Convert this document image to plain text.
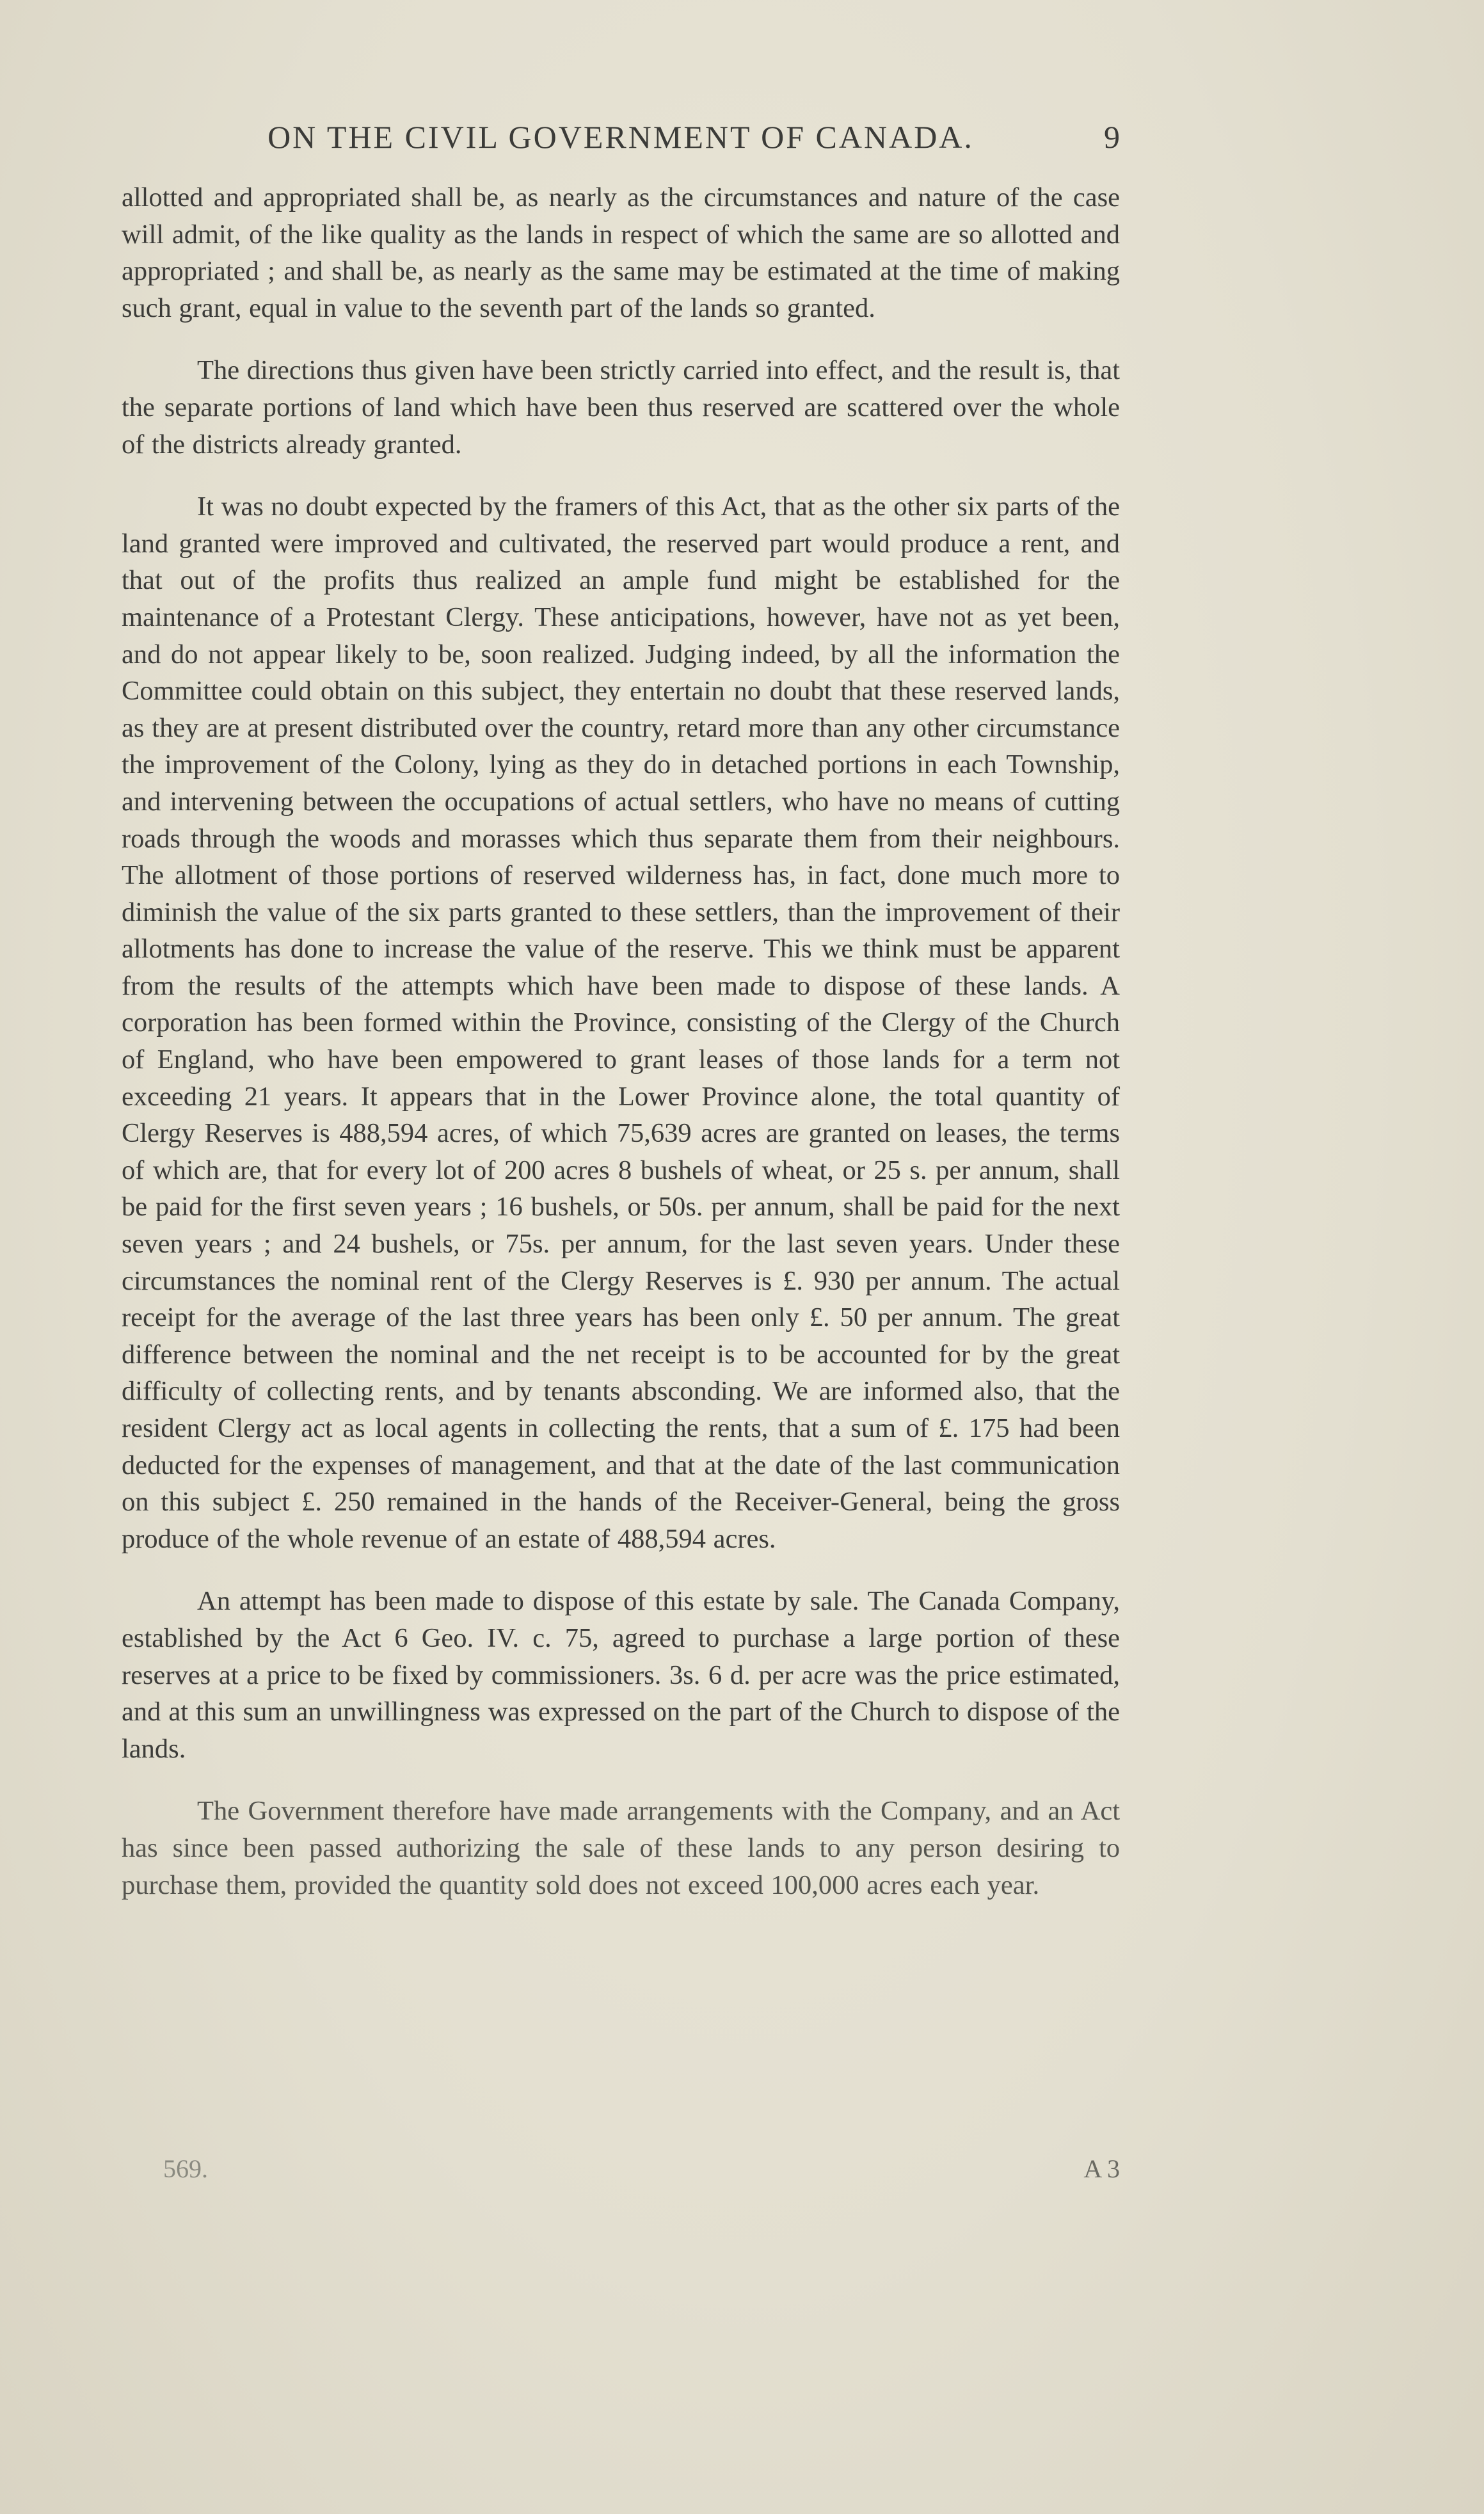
ON THE CIVIL GOVERNMENT OF CANADA.	9

allotted and appropriated shall be, as nearly as the circumstances and nature of the case will admit, of the like quality as the lands in respect of which the same are so allotted and appropriated ; and shall be, as nearly as the same may be estimated at the time of making such grant, equal in value to the seventh part of the lands so granted.

The directions thus given have been strictly carried into effect, and the result is, that the separate portions of land which have been thus reserved are scattered over the whole of the districts already granted.

It was no doubt expected by the framers of this Act, that as the other six parts of the land granted were improved and cultivated, the reserved part would produce a rent, and that out of the profits thus realized an ample fund might be established for the maintenance of a Protestant Clergy. These anticipations, however, have not as yet been, and do not appear likely to be, soon realized. Judging indeed, by all the information the Committee could obtain on this subject, they entertain no doubt that these reserved lands, as they are at present distributed over the country, retard more than any other circumstance the improvement of the Colony, lying as they do in detached portions in each Township, and intervening between the occupations of actual settlers, who have no means of cutting roads through the woods and morasses which thus separate them from their neighbours. The allotment of those portions of reserved wilderness has, in fact, done much more to diminish the value of the six parts granted to these settlers, than the improvement of their allotments has done to increase the value of the reserve. This we think must be apparent from the results of the attempts which have been made to dispose of these lands. A corporation has been formed within the Province, consisting of the Clergy of the Church of England, who have been empowered to grant leases of those lands for a term not exceeding 21 years. It appears that in the Lower Province alone, the total quantity of Clergy Reserves is 488,594 acres, of which 75,639 acres are granted on leases, the terms of which are, that for every lot of 200 acres 8 bushels of wheat, or 25 s. per annum, shall be paid for the first seven years ; 16 bushels, or 50s. per annum, shall be paid for the next seven years ; and 24 bushels, or 75s. per annum, for the last seven years. Under these circumstances the nominal rent of the Clergy Reserves is £. 930 per annum. The actual receipt for the average of the last three years has been only £. 50 per annum. The great difference between the nominal and the net receipt is to be accounted for by the great difficulty of collecting rents, and by tenants absconding. We are informed also, that the resident Clergy act as local agents in collecting the rents, that a sum of £. 175 had been deducted for the expenses of management, and that at the date of the last communication on this subject £. 250 remained in the hands of the Receiver-General, being the gross produce of the whole revenue of an estate of 488,594 acres.

An attempt has been made to dispose of this estate by sale. The Canada Company, established by the Act 6 Geo. IV. c. 75, agreed to purchase a large portion of these reserves at a price to be fixed by commissioners. 3s. 6 d. per acre was the price estimated, and at this sum an unwillingness was expressed on the part of the Church to dispose of the lands.

The Government therefore have made arrangements with the Company, and an Act has since been passed authorizing the sale of these lands to any person desiring to purchase them, provided the quantity sold does not exceed 100,000 acres each year.

569.	A 3
